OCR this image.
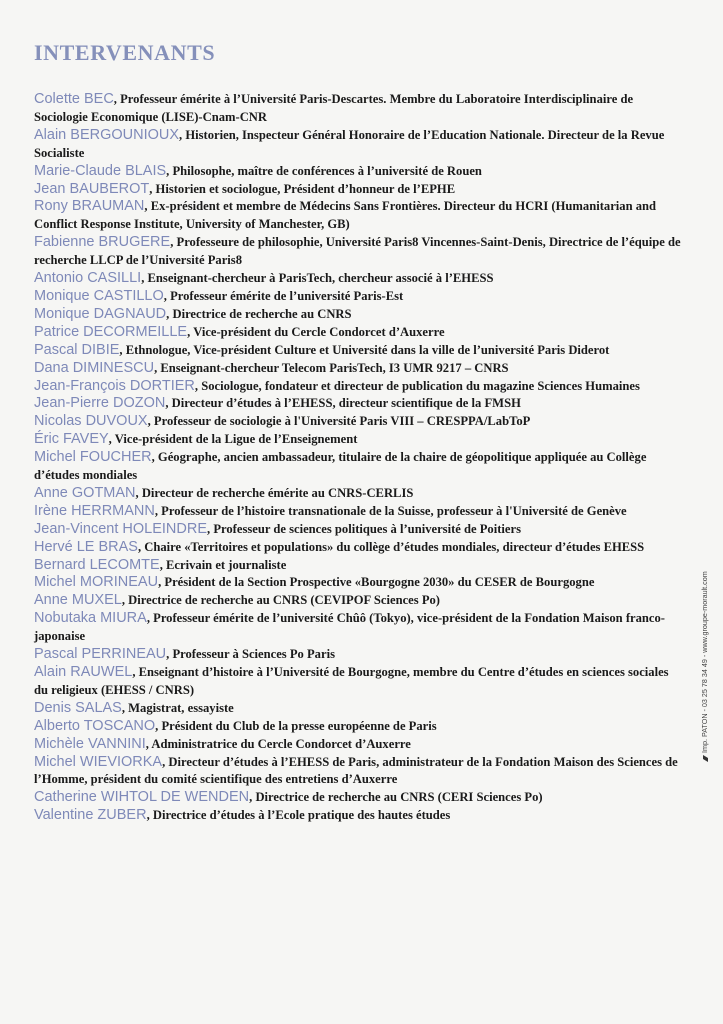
INTERVENANTS
Colette BEC, Professeur émérite à l’Université Paris-Descartes. Membre du Laboratoire Interdisciplinaire de Sociologie Economique (LISE)-Cnam-CNR
Alain BERGOUNIOUX, Historien, Inspecteur Général Honoraire de l’Education Nationale. Directeur de la Revue Socialiste
Marie-Claude BLAIS, Philosophe, maître de conférences à l’université de Rouen
Jean BAUBEROT, Historien et sociologue, Président d’honneur de l’EPHE
Rony BRAUMAN, Ex-président et membre de Médecins Sans Frontières. Directeur du HCRI (Humanitarian and Conflict Response Institute, University of Manchester, GB)
Fabienne BRUGERE, Professeure de philosophie, Université Paris8 Vincennes-Saint-Denis, Directrice de l’équipe de recherche LLCP de l’Université Paris8
Antonio CASILLI, Enseignant-chercheur à ParisTech, chercheur associé à l’EHESS
Monique CASTILLO, Professeur émérite de l’université Paris-Est
Monique DAGNAUD, Directrice de recherche au CNRS
Patrice DECORMEILLE, Vice-président du Cercle Condorcet d’Auxerre
Pascal DIBIE, Ethnologue, Vice-président Culture et Université dans la ville de l’université Paris Diderot
Dana DIMINESCU, Enseignant-chercheur Telecom ParisTech, I3 UMR 9217 – CNRS
Jean-François DORTIER, Sociologue, fondateur et directeur de publication du magazine Sciences Humaines
Jean-Pierre DOZON, Directeur d’études à l’EHESS, directeur scientifique de la FMSH
Nicolas DUVOUX, Professeur de sociologie à l'Université Paris VIII – CRESPPA/LabToP
Éric FAVEY, Vice-président de la Ligue de l’Enseignement
Michel FOUCHER, Géographe, ancien ambassadeur, titulaire de la chaire de géopolitique appliquée au Collège d’études mondiales
Anne GOTMAN, Directeur de recherche émérite au CNRS-CERLIS
Irène HERRMANN, Professeur de l’histoire transnationale de la Suisse, professeur à l'Université de Genève
Jean-Vincent HOLEINDRE, Professeur de sciences politiques à l’université de Poitiers
Hervé LE BRAS, Chaire «Territoires et populations» du collège d’études mondiales, directeur d’études EHESS
Bernard LECOMTE, Ecrivain et journaliste
Michel MORINEAU, Président de la Section Prospective «Bourgogne 2030» du CESER de Bourgogne
Anne MUXEL, Directrice de recherche au CNRS (CEVIPOF Sciences Po)
Nobutaka MIURA, Professeur émérite de l’université Chûô (Tokyo), vice-président de la Fondation Maison franco-japonaise
Pascal PERRINEAU, Professeur à Sciences Po Paris
Alain RAUWEL, Enseignant d’histoire à l’Université de Bourgogne, membre du Centre d’études en sciences sociales du religieux (EHESS / CNRS)
Denis SALAS, Magistrat, essayiste
Alberto TOSCANO, Président du Club de la presse européenne de Paris
Michèle VANNINI, Administratrice du Cercle Condorcet d’Auxerre
Michel WIEVIORKA, Directeur d’études à l’EHESS de Paris, administrateur de la Fondation Maison des Sciences de l’Homme, président du comité scientifique des entretiens d’Auxerre
Catherine WIHTOL DE WENDEN, Directrice de recherche au CNRS (CERI Sciences Po)
Valentine ZUBER, Directrice d’études à l’Ecole pratique des hautes études
Imp. PATON - 03 25 78 34 49 - www.groupe-morault.com
